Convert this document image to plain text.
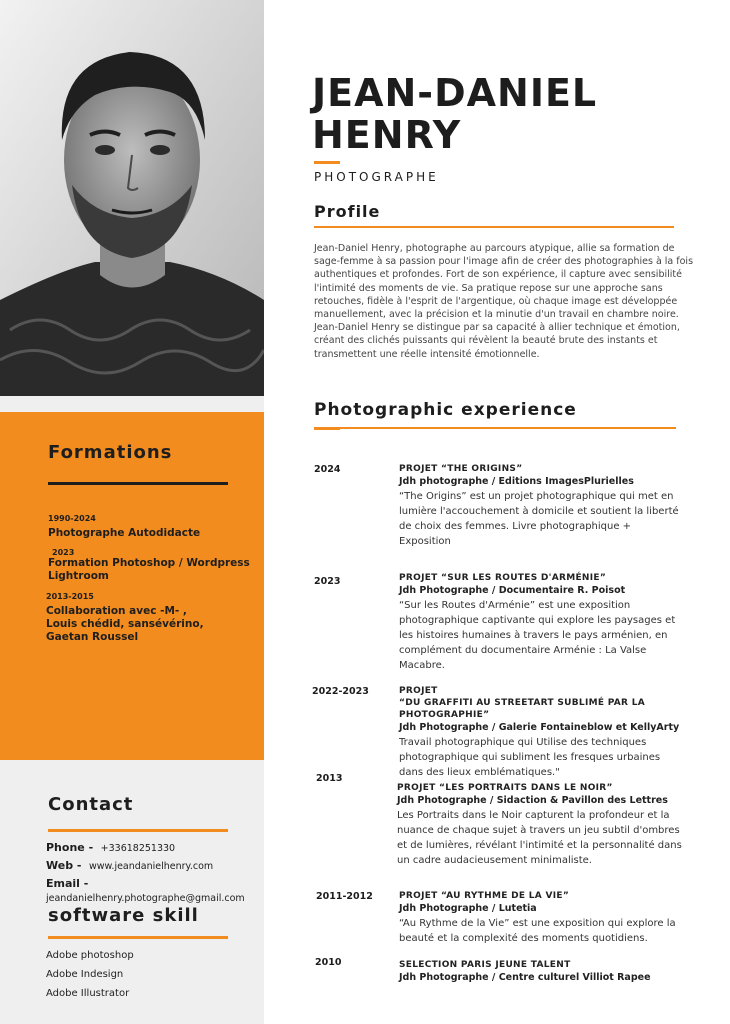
Formations
1990-2024
Photographe Autodidacte
2023
Formation Photoshop / Wordpress Lightroom
2013-2015
Collaboration avec -M- , Louis chédid, sansévérino, Gaetan Roussel
Contact
Phone - +33618251330
Web - www.jeandanielhenry.com
Email -
jeandanielhenry.photographe@gmail.com
software skill
Adobe photoshop
Adobe Indesign
Adobe Illustrator
JEAN-DANIEL
HENRY
PHOTOGRAPHE
Profile
Jean-Daniel Henry, photographe au parcours atypique, allie sa formation de sage-femme à sa passion pour l'image afin de créer des photographies à la fois authentiques et profondes. Fort de son expérience, il capture avec sensibilité l'intimité des moments de vie. Sa pratique repose sur une approche sans retouches, fidèle à l'esprit de l'argentique, où chaque image est développée manuellement, avec la précision et la minutie d'un travail en chambre noire. Jean-Daniel Henry se distingue par sa capacité à allier technique et émotion, créant des clichés puissants qui révèlent la beauté brute des instants et transmettent une réelle intensité émotionnelle.
Photographic experience
2024	PROJET “THE ORIGINS”
Jdh photographe / Editions ImagesPlurielles
“The Origins” est un projet photographique qui met en lumière l'accouchement à domicile et soutient la liberté de choix des femmes. Livre photographique + Exposition
2023	PROJET “SUR LES ROUTES D'ARMÉNIE”
Jdh Photographe / Documentaire R. Poisot
“Sur les Routes d'Arménie” est une exposition photographique captivante qui explore les paysages et les histoires humaines à travers le pays arménien, en complément du documentaire Arménie : La Valse Macabre.
2022-2023	PROJET
“DU GRAFFITI AU STREETART SUBLIMÉ PAR LA PHOTOGRAPHIE”
Jdh Photographe / Galerie Fontaineblow et KellyArty
Travail photographique qui Utilise des techniques photographique qui subliment les fresques urbaines dans des lieux emblématiques."
2013
PROJET “LES PORTRAITS DANS LE NOIR”
Jdh Photographe / Sidaction & Pavillon des Lettres
Les Portraits dans le Noir capturent la profondeur et la nuance de chaque sujet à travers un jeu subtil d'ombres et de lumières, révélant l'intimité et la personnalité dans un cadre audacieusement minimaliste.
2011-2012	PROJET “AU RYTHME DE LA VIE”
Jdh Photographe / Lutetia
“Au Rythme de la Vie” est une exposition qui explore la beauté et la complexité des moments quotidiens.
2010	SELECTION PARIS JEUNE TALENT
Jdh Photographe / Centre culturel Villiot Rapee
